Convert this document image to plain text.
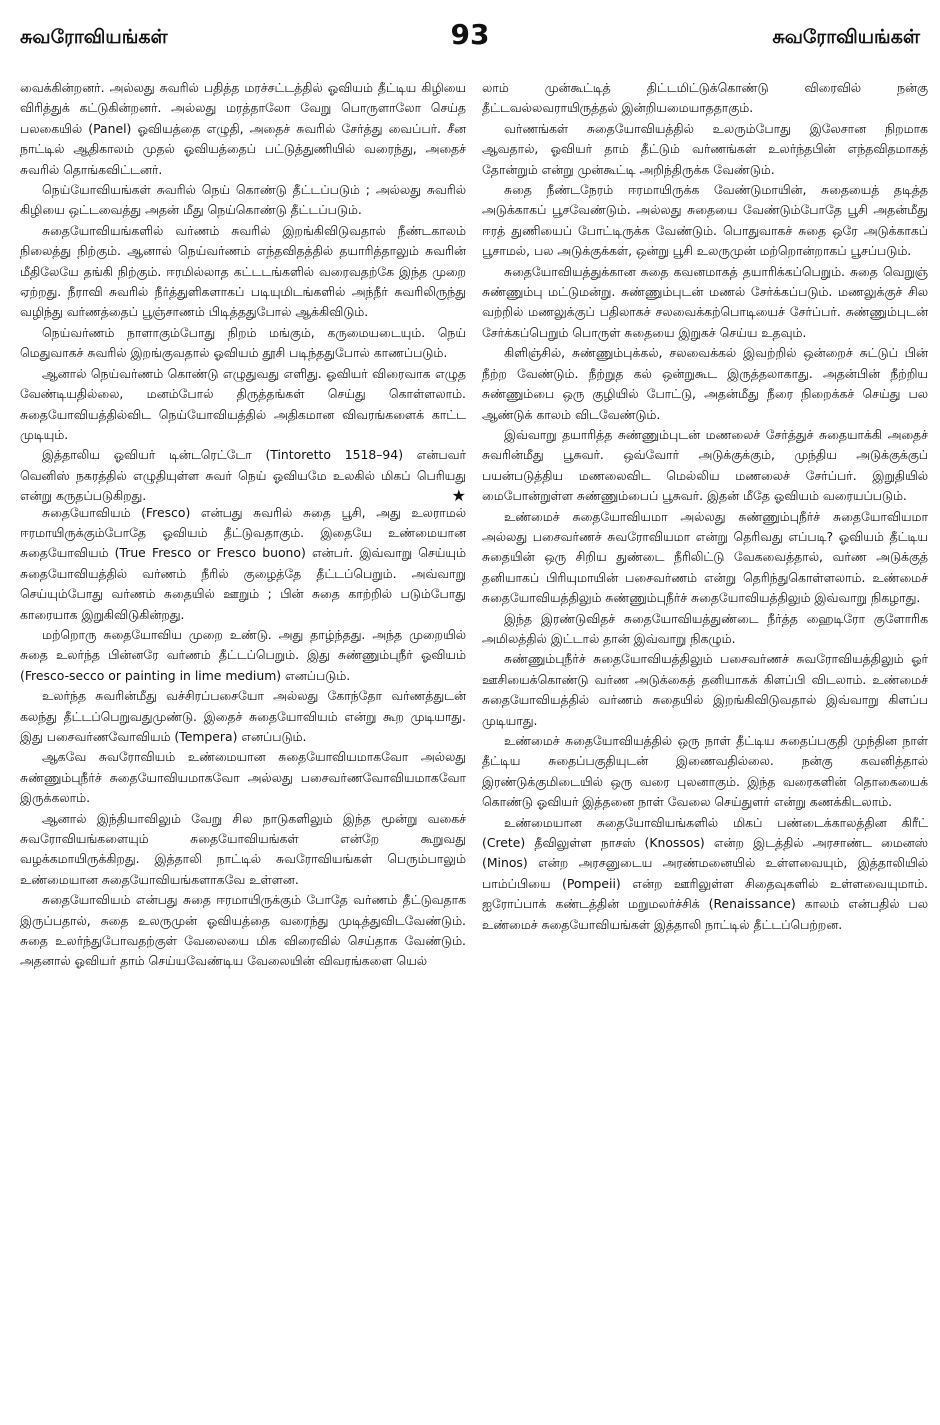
சுவரோவியங்கள்	93	சுவரோவியங்கள்

வைக்கின்றனர். அல்லது சுவரில் பதித்த மரச்சட்டத்தில் ஓவியம் தீட்டிய கிழியை விரித்துக் கட்டுகின்றனர். அல்லது மரத்தாலோ வேறு பொருளாலோ செய்த பலகையில் (Panel) ஓவியத்தை எழுதி, அதைச் சுவரில் சேர்த்து வைப்பர். சீன நாட்டில் ஆதிகாலம் முதல் ஓவியத்தைப் பட்டுத்துணியில் வரைந்து, அதைச் சுவரில் தொங்கவிட்டனர்.

நெய்யோவியங்கள் சுவரில் நெய் கொண்டு தீட்டப்படும் ; அல்லது சுவரில் கிழியை ஒட்டவைத்து அதன் மீது நெய்கொண்டு தீட்டப்படும்.

சுதையோவியங்களில் வர்ணம் சுவரில் இறங்கிவிடுவதால் நீண்டகாலம் நிலைத்து நிற்கும். ஆனால் நெய்வர்ணம் எந்தவிதத்தில் தயாரித்தாலும் சுவரின் மீதிலேயே தங்கி நிற்கும். ஈரமில்லாத கட்டடங்களில் வரைவதற்கே இந்த முறை ஏற்றது. நீராவி சுவரில் நீர்த்துளிகளாகப் படியுமிடங்களில் அந்நீர் சுவரிலிருந்து வழிந்து வர்ணத்தைப் பூஞ்சாணம் பிடித்ததுபோல் ஆக்கிவிடும்.

நெய்வர்ணம் நாளாகும்போது நிறம் மங்கும், கருமையடையும். நெய் மெதுவாகச் சுவரில் இறங்குவதால் ஓவியம் தூசி படிந்ததுபோல் காணப்படும்.

ஆனால் நெய்வர்ணம் கொண்டு எழுதுவது எளிது. ஓவியர் விரைவாக எழுத வேண்டியதில்லை, மனம்போல் திருத்தங்கள் செய்து கொள்ளலாம். சுதையோவியத்தில்விட நெய்யோவியத்தில் அதிகமான விவரங்களைக் காட்ட முடியும்.

இத்தாலிய ஓவியர் டின்டரெட்டோ (Tintoretto 1518–94) என்பவர் வெனிஸ் நகரத்தில் எழுதியுள்ள சுவர் நெய் ஓவியமே உலகில் மிகப் பெரியது என்று கருதப்படுகிறது.	★

சுதையோவியம் (Fresco) என்பது சுவரில் சுதை பூசி, அது உலராமல் ஈரமாயிருக்கும்போதே ஓவியம் தீட்டுவதாகும். இதையே உண்மையான சுதையோவியம் (True Fresco or Fresco buono) என்பர். இவ்வாறு செய்யும் சுதையோவியத்தில் வர்ணம் நீரில் குழைத்தே தீட்டப்பெறும். அவ்வாறு செய்யும்போது வர்ணம் சுதையில் ஊறும் ; பின் சுதை காற்றில் படும்போது காரையாக இறுகிவிடுகின்றது.

மற்றொரு சுதையோவிய முறை உண்டு. அது தாழ்ந்தது. அந்த முறையில் சுதை உலர்ந்த பின்னரே வர்ணம் தீட்டப்பெறும். இது சுண்ணும்புநீர் ஓவியம் (Fresco-secco or painting in lime medium) எனப்படும்.

உலர்ந்த சுவரின்மீது வச்சிரப்பசையோ அல்லது கோந்தோ வர்ணத்துடன் கலந்து தீட்டப்பெறுவதுமுண்டு. இதைச் சுதையோவியம் என்று கூற முடியாது. இது பசைவர்ணவோவியம் (Tempera) எனப்படும்.

ஆகவே சுவரோவியம் உண்மையான சுதையோவியமாகவோ அல்லது சுண்ணும்புநீர்ச் சுதையோவியமாகவோ அல்லது பசைவர்ணவோவியமாகவோ இருக்கலாம்.

ஆனால் இந்தியாவிலும் வேறு சில நாடுகளிலும் இந்த மூன்று வகைச் சுவரோவியங்களையும் சுதையோவியங்கள் என்றே கூறுவது வழக்கமாயிருக்கிறது. இத்தாலி நாட்டில் சுவரோவியங்கள் பெரும்பாலும் உண்மையான சுதையோவியங்களாகவே உள்ளன.

சுதையோவியம் என்பது சுதை ஈரமாயிருக்கும் போதே வர்ணம் தீட்டுவதாக இருப்பதால், சுதை உலருமுன் ஓவியத்தை வரைந்து முடித்துவிடவேண்டும். சுதை உலர்ந்துபோவதற்குள் வேலையை மிக விரைவில் செய்தாக வேண்டும். அதனால் ஓவியர் தாம் செய்யவேண்டிய வேலையின் விவரங்களை யெல்

லாம் முன்கூட்டித் திட்டமிட்டுக்கொண்டு விரைவில் நன்கு தீட்டவல்லவராயிருத்தல் இன்றியமையாததாகும்.

வர்ணங்கள் சுதையோவியத்தில் உலரும்போது இலேசான நிறமாக ஆவதால், ஓவியர் தாம் தீட்டும் வர்ணங்கள் உலர்ந்தபின் எந்தவிதமாகத் தோன்றும் என்று முன்கூட்டி அறிந்திருக்க வேண்டும்.

சுதை நீண்டநேரம் ஈரமாயிருக்க வேண்டுமாயின், சுதையைத் தடித்த அடுக்காகப் பூசவேண்டும். அல்லது சுதையை வேண்டும்போதே பூசி அதன்மீது ஈரத் துணியைப் போட்டிருக்க வேண்டும். பொதுவாகச் சுதை ஒரே அடுக்காகப் பூசாமல், பல அடுக்குக்கள், ஒன்று பூசி உலருமுன் மற்றொன்றாகப் பூசப்படும்.

சுதையோவியத்துக்கான சுதை கவனமாகத் தயாரிக்கப்பெறும். சுதை வெறுஞ் சுண்ணும்பு மட்டுமன்று. சுண்ணும்புடன் மணல் சேர்க்கப்படும். மணலுக்குச் சில வற்றில் மணலுக்குப் பதிலாகச் சலவைக்கற்பொடியைச் சேர்ப்பர். சுண்ணும்புடன் சேர்க்கப்பெறும் பொருள் சுதையை இறுகச் செய்ய உதவும்.

கிளிஞ்சில், சுண்ணும்புக்கல், சலவைக்கல் இவற்றில் ஒன்றைச் சுட்டுப் பின் நீற்ற வேண்டும். நீற்றுத கல் ஒன்றுகூட இருத்தலாகாது. அதன்பின் நீற்றிய சுண்ணும்பை ஒரு குழியில் போட்டு, அதன்மீது நீரை நிறைக்கச் செய்து பல ஆண்டுக் காலம் விடவேண்டும்.

இவ்வாறு தயாரித்த சுண்ணும்புடன் மணலைச் சேர்த்துச் சுதையாக்கி அதைச் சுவரின்மீது பூசுவர். ஒவ்வோர் அடுக்குக்கும், முந்திய அடுக்குக்குப் பயன்படுத்திய மணலைவிட மெல்லிய மணலைச் சேர்ப்பர். இறுதியில் மைபோன்றுள்ள சுண்ணும்பைப் பூசுவர். இதன் மீதே ஓவியம் வரையப்படும்.

உண்மைச் சுதையோவியமா அல்லது சுண்ணும்புநீர்ச் சுதையோவியமா அல்லது பசைவர்ணச் சுவரோவியமா என்று தெரிவது எப்படி? ஓவியம் தீட்டிய சுதையின் ஒரு சிறிய துண்டை நீரிலிட்டு வேகவைத்தால், வர்ண அடுக்குத் தனியாகப் பிரியுமாயின் பசைவர்ணம் என்று தெரிந்துகொள்ளலாம். உண்மைச் சுதையோவியத்திலும் சுண்ணும்புநீர்ச் சுதையோவியத்திலும் இவ்வாறு நிகழாது.

இந்த இரண்டுவிதச் சுதையோவியத்துண்டை நீர்த்த ஹைடிரோ குளோரிக அமிலத்தில் இட்டால் தான் இவ்வாறு நிகழும்.

சுண்ணும்புநீர்ச் சுதையோவியத்திலும் பசைவர்ணச் சுவரோவியத்திலும் ஓர் ஊசியைக்கொண்டு வர்ண அடுக்கைத் தனியாகக் கிளப்பி விடலாம். உண்மைச் சுதையோவியத்தில் வர்ணம் சுதையில் இறங்கிவிடுவதால் இவ்வாறு கிளப்ப முடியாது.

உண்மைச் சுதையோவியத்தில் ஒரு நாள் தீட்டிய சுதைப்பகுதி முந்தின நாள் தீட்டிய சுதைப்பகுதியுடன் இணைவதில்லை. நன்கு கவனித்தால் இரண்டுக்குமிடையில் ஒரு வரை புலனாகும். இந்த வரைகளின் தொகையைக் கொண்டு ஓவியர் இத்தனை நாள் வேலை செய்துளர் என்று கணக்கிடலாம்.

உண்மையான சுதையோவியங்களில் மிகப் பண்டைக்காலத்தின கிரீட் (Crete) தீவிலுள்ள நாசஸ் (Knossos) என்ற இடத்தில் அரசாண்ட மைனஸ் (Minos) என்ற அரசனுடைய அரண்மனையில் உள்ளவையும், இத்தாலியில் பாம்ப்பியை (Pompeii) என்ற ஊரிலுள்ள சிதைவுகளில் உள்ளவையுமாம். ஐரோப்பாக் கண்டத்தின் மறுமலர்ச்சிக் (Renaissance) காலம் என்பதில் பல உண்மைச் சுதையோவியங்கள் இத்தாலி நாட்டில் தீட்டப்பெற்றன.
